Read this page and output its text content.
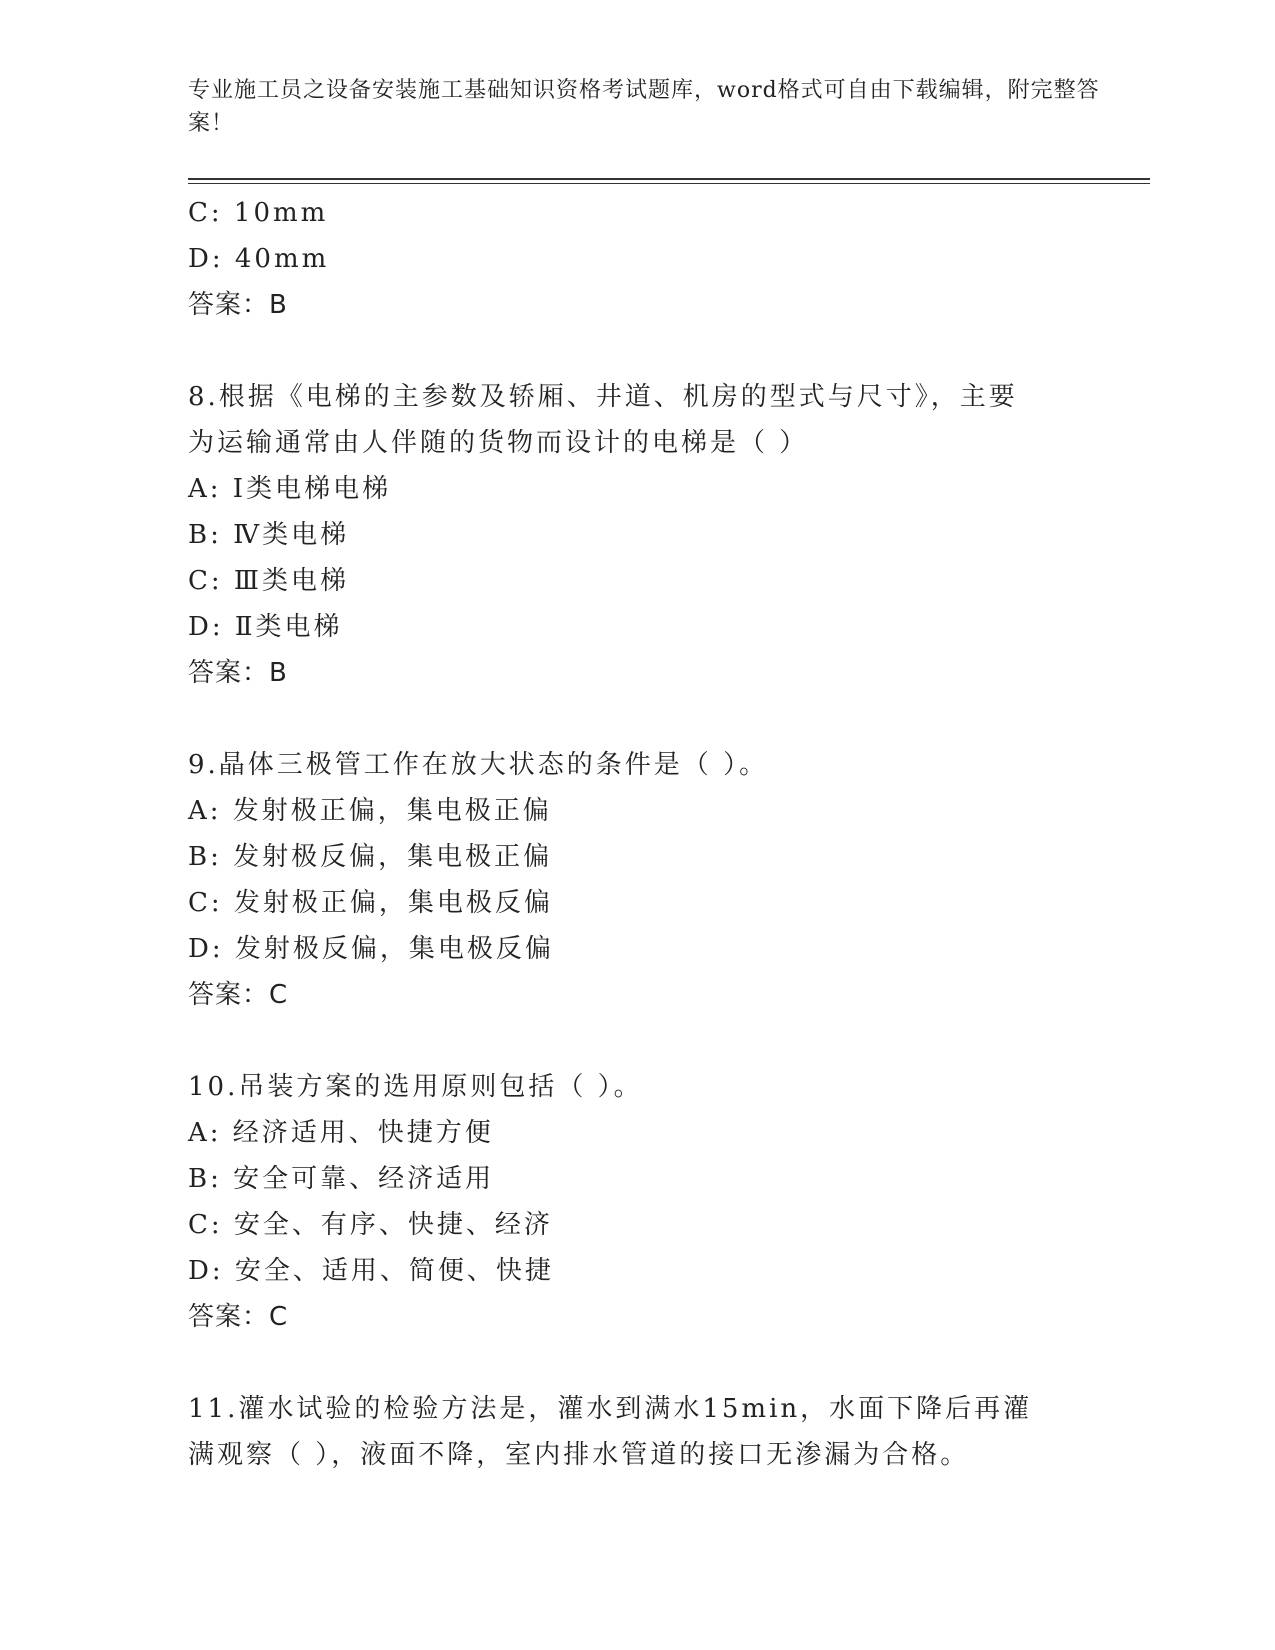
专业施工员之设备安装施工基础知识资格考试题库，word格式可自由下载编辑，附完整答案！
C: 10mm
D: 40mm
答案：B
8.根据《电梯的主参数及轿厢、井道、机房的型式与尺寸》，主要为运输通常由人伴随的货物而设计的电梯是（ ）
A: Ⅰ类电梯电梯
B: Ⅳ类电梯
C: Ⅲ类电梯
D: Ⅱ类电梯
答案：B
9.晶体三极管工作在放大状态的条件是（ ）。
A: 发射极正偏，集电极正偏
B: 发射极反偏，集电极正偏
C: 发射极正偏，集电极反偏
D: 发射极反偏，集电极反偏
答案：C
10.吊装方案的选用原则包括（ ）。
A: 经济适用、快捷方便
B: 安全可靠、经济适用
C: 安全、有序、快捷、经济
D: 安全、适用、简便、快捷
答案：C
11.灌水试验的检验方法是，灌水到满水15min，水面下降后再灌满观察（ ），液面不降，室内排水管道的接口无渗漏为合格。
